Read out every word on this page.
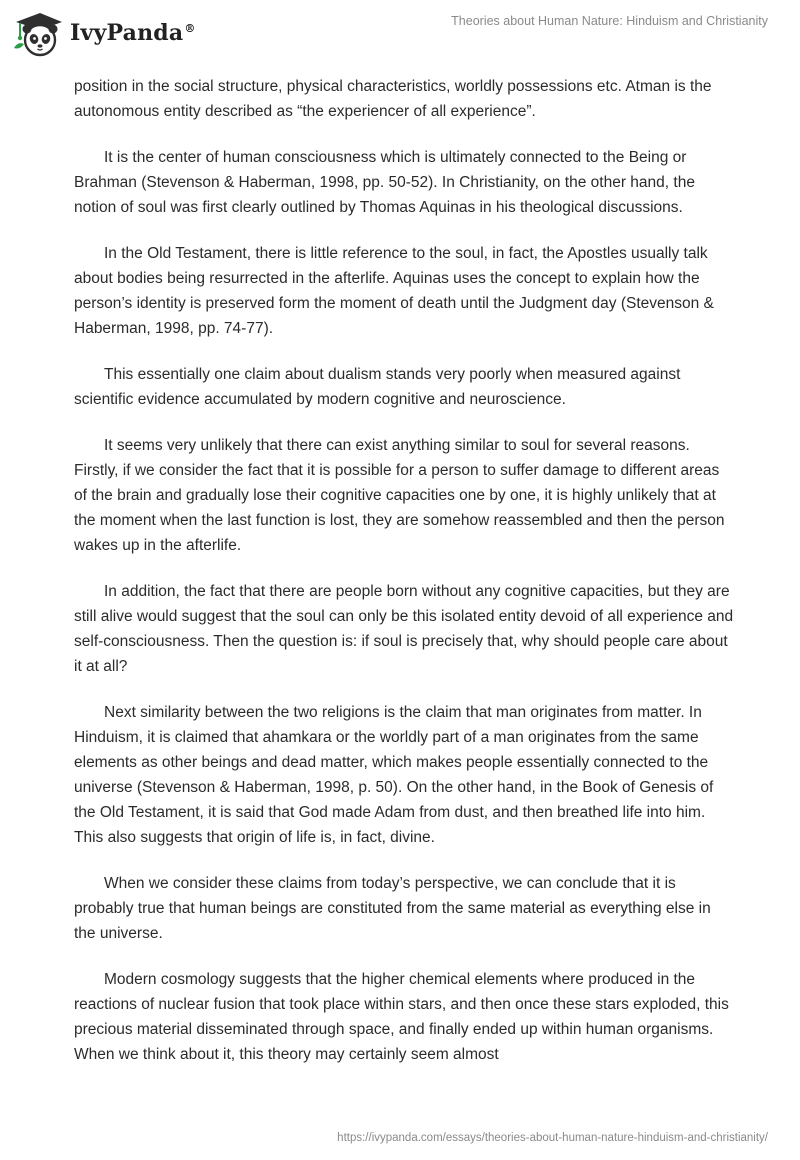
IvyPanda®
Theories about Human Nature: Hinduism and Christianity

position in the social structure, physical characteristics, worldly possessions etc. Atman is the autonomous entity described as “the experiencer of all experience”.

It is the center of human consciousness which is ultimately connected to the Being or Brahman (Stevenson & Haberman, 1998, pp. 50-52). In Christianity, on the other hand, the notion of soul was first clearly outlined by Thomas Aquinas in his theological discussions.

In the Old Testament, there is little reference to the soul, in fact, the Apostles usually talk about bodies being resurrected in the afterlife. Aquinas uses the concept to explain how the person’s identity is preserved form the moment of death until the Judgment day (Stevenson & Haberman, 1998, pp. 74-77).

This essentially one claim about dualism stands very poorly when measured against scientific evidence accumulated by modern cognitive and neuroscience.

It seems very unlikely that there can exist anything similar to soul for several reasons. Firstly, if we consider the fact that it is possible for a person to suffer damage to different areas of the brain and gradually lose their cognitive capacities one by one, it is highly unlikely that at the moment when the last function is lost, they are somehow reassembled and then the person wakes up in the afterlife.

In addition, the fact that there are people born without any cognitive capacities, but they are still alive would suggest that the soul can only be this isolated entity devoid of all experience and self-consciousness. Then the question is: if soul is precisely that, why should people care about it at all?

Next similarity between the two religions is the claim that man originates from matter. In Hinduism, it is claimed that ahamkara or the worldly part of a man originates from the same elements as other beings and dead matter, which makes people essentially connected to the universe (Stevenson & Haberman, 1998, p. 50). On the other hand, in the Book of Genesis of the Old Testament, it is said that God made Adam from dust, and then breathed life into him. This also suggests that origin of life is, in fact, divine.

When we consider these claims from today’s perspective, we can conclude that it is probably true that human beings are constituted from the same material as everything else in the universe.

Modern cosmology suggests that the higher chemical elements where produced in the reactions of nuclear fusion that took place within stars, and then once these stars exploded, this precious material disseminated through space, and finally ended up within human organisms. When we think about it, this theory may certainly seem almost

https://ivypanda.com/essays/theories-about-human-nature-hinduism-and-christianity/
